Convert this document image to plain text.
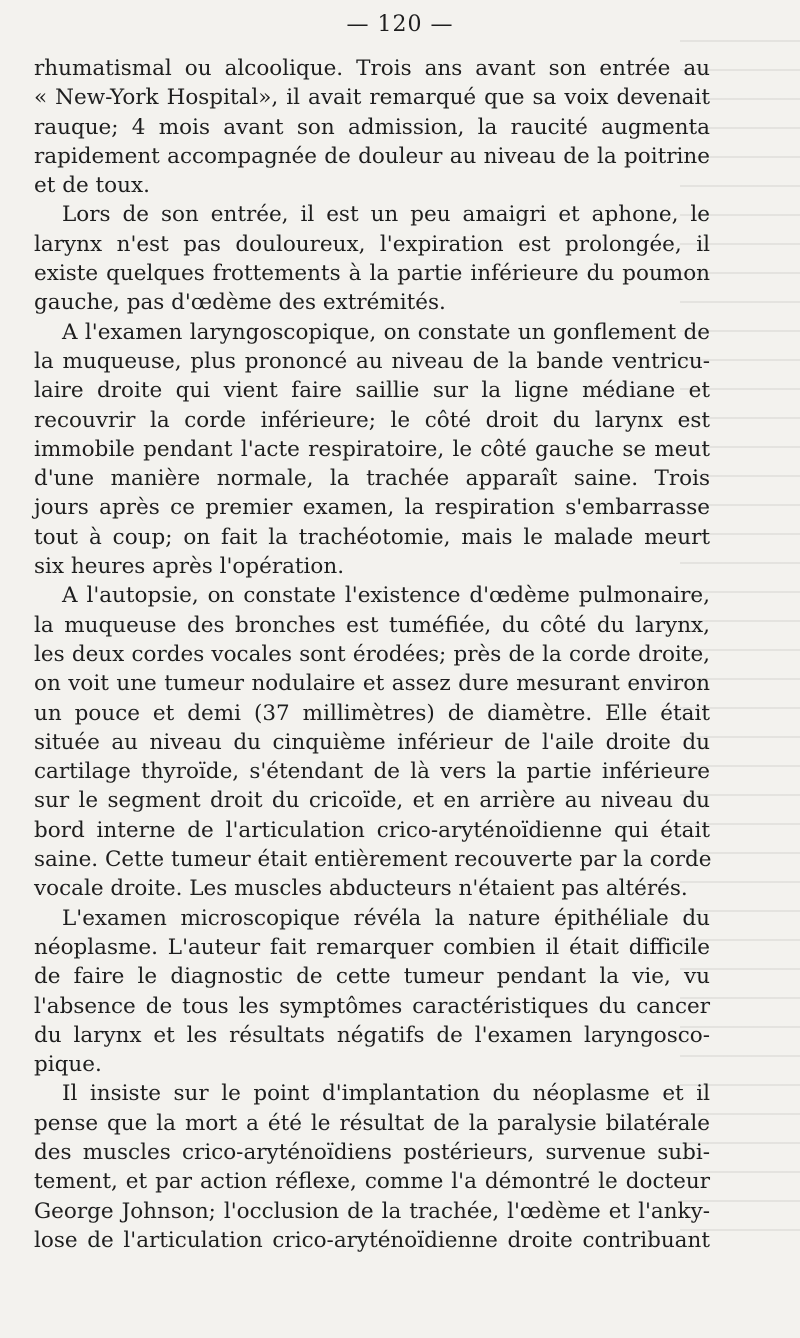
— 120 —
rhumatismal ou alcoolique. Trois ans avant son entrée au
« New-York Hospital», il avait remarqué que sa voix devenait
rauque; 4 mois avant son admission, la raucité augmenta
rapidement accompagnée de douleur au niveau de la poitrine
et de toux.
Lors de son entrée, il est un peu amaigri et aphone, le
larynx n'est pas douloureux, l'expiration est prolongée, il
existe quelques frottements à la partie inférieure du poumon
gauche, pas d'œdème des extrémités.
A l'examen laryngoscopique, on constate un gonflement de
la muqueuse, plus prononcé au niveau de la bande ventricu-
laire droite qui vient faire saillie sur la ligne médiane et
recouvrir la corde inférieure; le côté droit du larynx est
immobile pendant l'acte respiratoire, le côté gauche se meut
d'une manière normale, la trachée apparaît saine. Trois
jours après ce premier examen, la respiration s'embarrasse
tout à coup; on fait la trachéotomie, mais le malade meurt
six heures après l'opération.
A l'autopsie, on constate l'existence d'œdème pulmonaire,
la muqueuse des bronches est tuméfiée, du côté du larynx,
les deux cordes vocales sont érodées; près de la corde droite,
on voit une tumeur nodulaire et assez dure mesurant environ
un pouce et demi (37 millimètres) de diamètre. Elle était
située au niveau du cinquième inférieur de l'aile droite du
cartilage thyroïde, s'étendant de là vers la partie inférieure
sur le segment droit du cricoïde, et en arrière au niveau du
bord interne de l'articulation crico-aryténoïdienne qui était
saine. Cette tumeur était entièrement recouverte par la corde
vocale droite. Les muscles abducteurs n'étaient pas altérés.
L'examen microscopique révéla la nature épithéliale du
néoplasme. L'auteur fait remarquer combien il était difficile
de faire le diagnostic de cette tumeur pendant la vie, vu
l'absence de tous les symptômes caractéristiques du cancer
du larynx et les résultats négatifs de l'examen laryngosco-
pique.
Il insiste sur le point d'implantation du néoplasme et il
pense que la mort a été le résultat de la paralysie bilatérale
des muscles crico-aryténoïdiens postérieurs, survenue subi-
tement, et par action réflexe, comme l'a démontré le docteur
George Johnson; l'occlusion de la trachée, l'œdème et l'anky-
lose de l'articulation crico-aryténoïdienne droite contribuant
